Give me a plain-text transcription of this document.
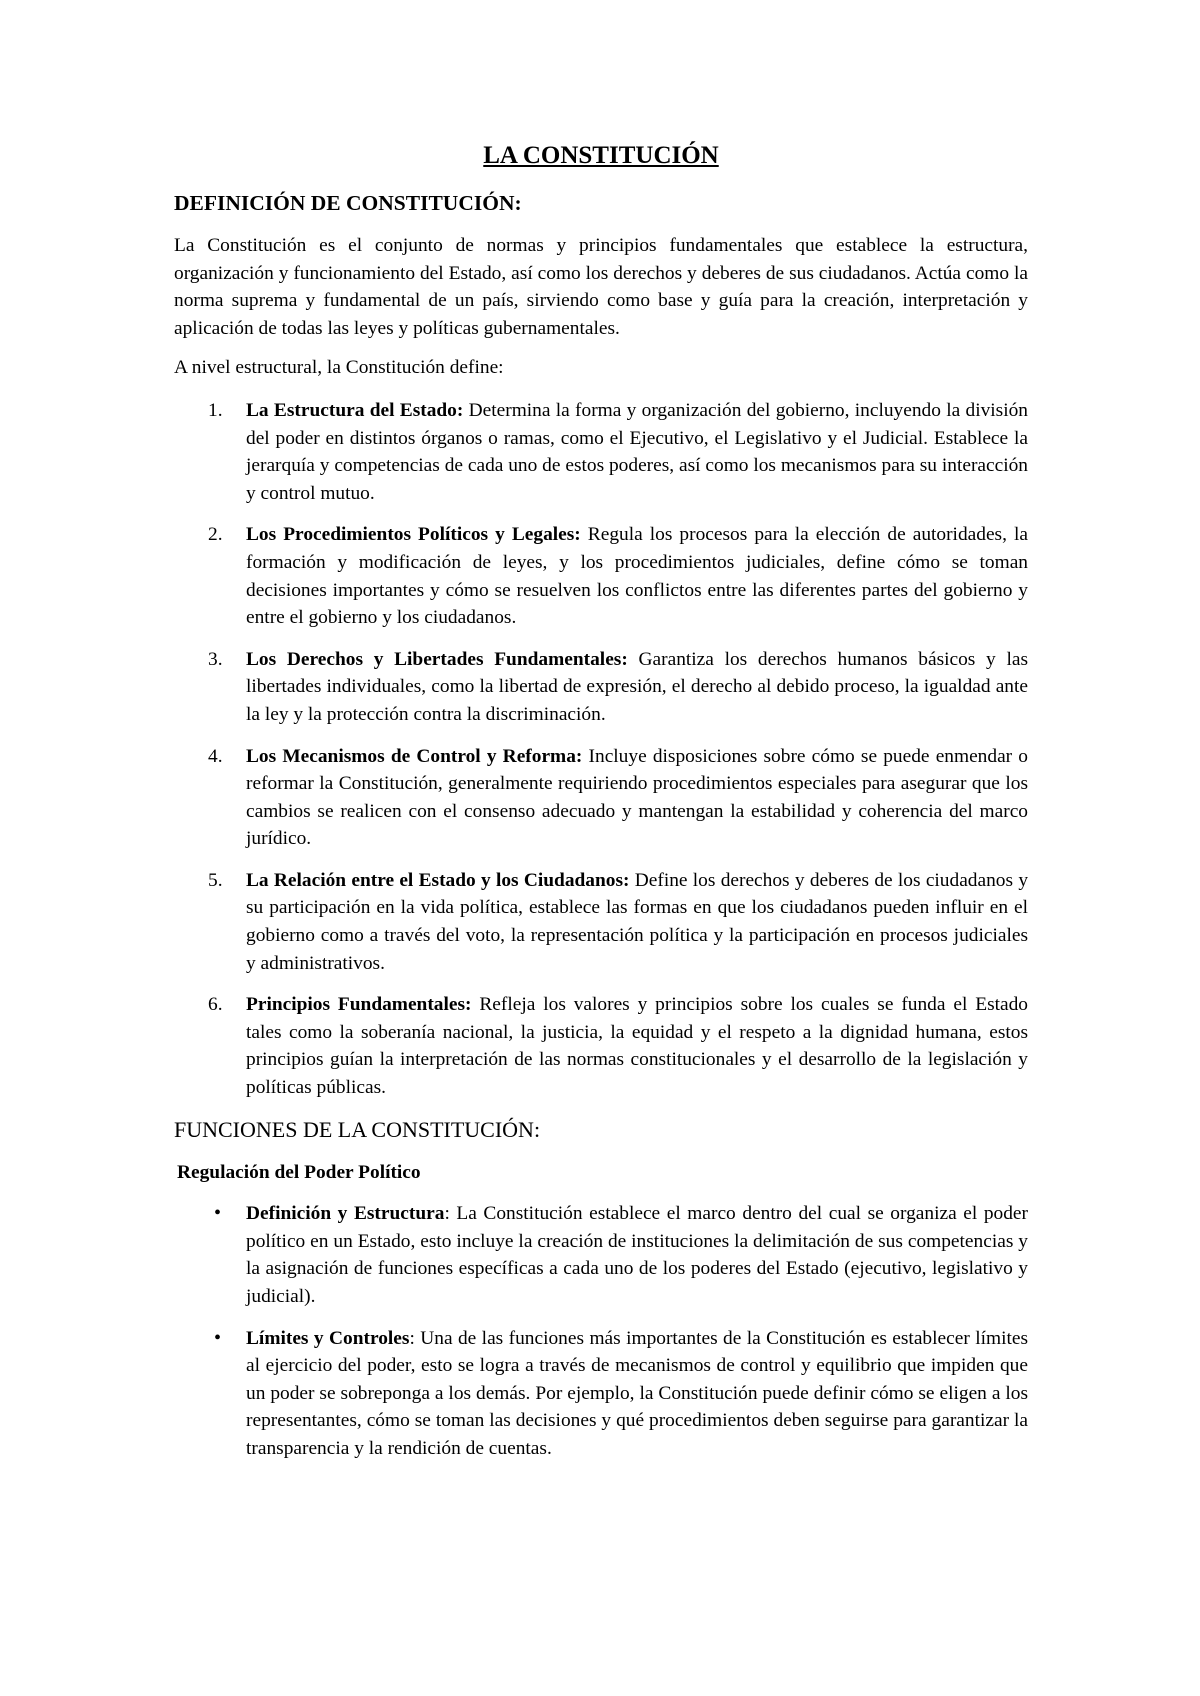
LA CONSTITUCIÓN
DEFINICIÓN DE CONSTITUCIÓN:
La Constitución es el conjunto de normas y principios fundamentales que establece la estructura, organización y funcionamiento del Estado, así como los derechos y deberes de sus ciudadanos. Actúa como la norma suprema y fundamental de un país, sirviendo como base y guía para la creación, interpretación y aplicación de todas las leyes y políticas gubernamentales.
A nivel estructural, la Constitución define:
1. La Estructura del Estado: Determina la forma y organización del gobierno, incluyendo la división del poder en distintos órganos o ramas, como el Ejecutivo, el Legislativo y el Judicial. Establece la jerarquía y competencias de cada uno de estos poderes, así como los mecanismos para su interacción y control mutuo.
2. Los Procedimientos Políticos y Legales: Regula los procesos para la elección de autoridades, la formación y modificación de leyes, y los procedimientos judiciales, define cómo se toman decisiones importantes y cómo se resuelven los conflictos entre las diferentes partes del gobierno y entre el gobierno y los ciudadanos.
3. Los Derechos y Libertades Fundamentales: Garantiza los derechos humanos básicos y las libertades individuales, como la libertad de expresión, el derecho al debido proceso, la igualdad ante la ley y la protección contra la discriminación.
4. Los Mecanismos de Control y Reforma: Incluye disposiciones sobre cómo se puede enmendar o reformar la Constitución, generalmente requiriendo procedimientos especiales para asegurar que los cambios se realicen con el consenso adecuado y mantengan la estabilidad y coherencia del marco jurídico.
5. La Relación entre el Estado y los Ciudadanos: Define los derechos y deberes de los ciudadanos y su participación en la vida política, establece las formas en que los ciudadanos pueden influir en el gobierno como a través del voto, la representación política y la participación en procesos judiciales y administrativos.
6. Principios Fundamentales: Refleja los valores y principios sobre los cuales se funda el Estado tales como la soberanía nacional, la justicia, la equidad y el respeto a la dignidad humana, estos principios guían la interpretación de las normas constitucionales y el desarrollo de la legislación y políticas públicas.
FUNCIONES DE LA CONSTITUCIÓN:
Regulación del Poder Político
• Definición y Estructura: La Constitución establece el marco dentro del cual se organiza el poder político en un Estado, esto incluye la creación de instituciones la delimitación de sus competencias y la asignación de funciones específicas a cada uno de los poderes del Estado (ejecutivo, legislativo y judicial).
• Límites y Controles: Una de las funciones más importantes de la Constitución es establecer límites al ejercicio del poder, esto se logra a través de mecanismos de control y equilibrio que impiden que un poder se sobreponga a los demás. Por ejemplo, la Constitución puede definir cómo se eligen a los representantes, cómo se toman las decisiones y qué procedimientos deben seguirse para garantizar la transparencia y la rendición de cuentas.
